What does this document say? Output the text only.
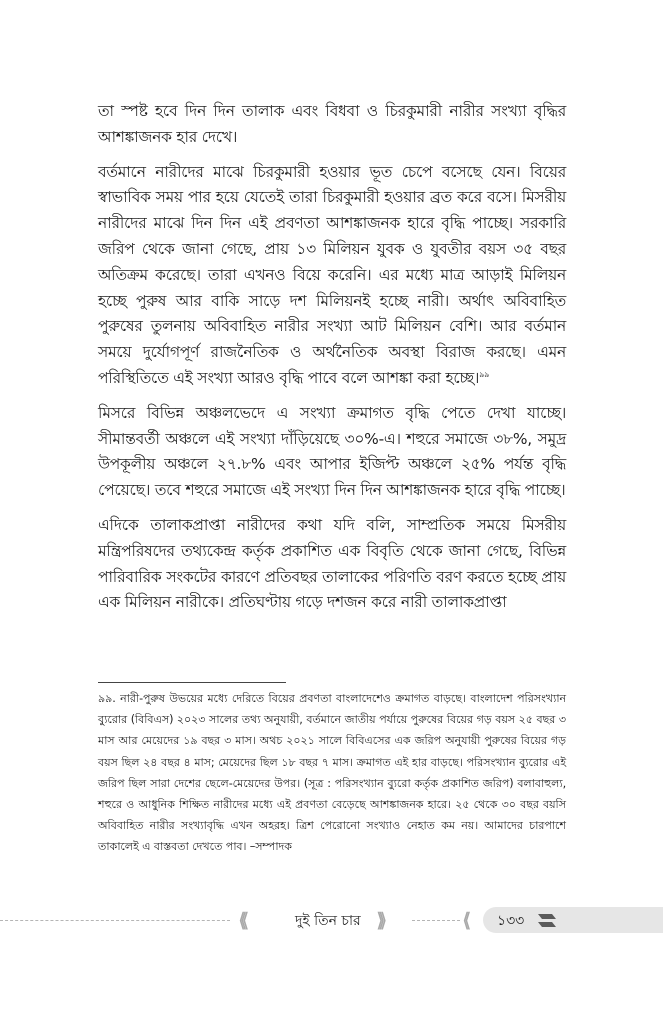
তা স্পষ্ট হবে দিন দিন তালাক এবং বিধবা ও চিরকুমারী নারীর সংখ্যা বৃদ্ধির আশঙ্কাজনক হার দেখে।

বর্তমানে নারীদের মাঝে চিরকুমারী হওয়ার ভূত চেপে বসেছে যেন। বিয়ের স্বাভাবিক সময় পার হয়ে যেতেই তারা চিরকুমারী হওয়ার ব্রত করে বসে। মিসরীয় নারীদের মাঝে দিন দিন এই প্রবণতা আশঙ্কাজনক হারে বৃদ্ধি পাচ্ছে। সরকারি জরিপ থেকে জানা গেছে, প্রায় ১৩ মিলিয়ন যুবক ও যুবতীর বয়স ৩৫ বছর অতিক্রম করেছে। তারা এখনও বিয়ে করেনি। এর মধ্যে মাত্র আড়াই মিলিয়ন হচ্ছে পুরুষ আর বাকি সাড়ে দশ মিলিয়নই হচ্ছে নারী। অর্থাৎ অবিবাহিত পুরুষের তুলনায় অবিবাহিত নারীর সংখ্যা আট মিলিয়ন বেশি। আর বর্তমান সময়ে দুর্যোগপূর্ণ রাজনৈতিক ও অর্থনৈতিক অবস্থা বিরাজ করছে। এমন পরিস্থিতিতে এই সংখ্যা আরও বৃদ্ধি পাবে বলে আশঙ্কা করা হচ্ছে।$^{৯৯}$

মিসরে বিভিন্ন অঞ্চলভেদে এ সংখ্যা ক্রমাগত বৃদ্ধি পেতে দেখা যাচ্ছে। সীমান্তবর্তী অঞ্চলে এই সংখ্যা দাঁড়িয়েছে ৩০%-এ। শহুরে সমাজে ৩৮%, সমুদ্র উপকূলীয় অঞ্চলে ২৭.৮% এবং আপার ইজিপ্ট অঞ্চলে ২৫% পর্যন্ত বৃদ্ধি পেয়েছে। তবে শহুরে সমাজে এই সংখ্যা দিন দিন আশঙ্কাজনক হারে বৃদ্ধি পাচ্ছে।

এদিকে তালাকপ্রাপ্তা নারীদের কথা যদি বলি, সাম্প্রতিক সময়ে মিসরীয় মন্ত্রিপরিষদের তথ্যকেন্দ্র কর্তৃক প্রকাশিত এক বিবৃতি থেকে জানা গেছে, বিভিন্ন পারিবারিক সংকটের কারণে প্রতিবছর তালাকের পরিণতি বরণ করতে হচ্ছে প্রায় এক মিলিয়ন নারীকে। প্রতিঘণ্টায় গড়ে দশজন করে নারী তালাকপ্রাপ্তা

৯৯. নারী-পুরুষ উভয়ের মধ্যে দেরিতে বিয়ের প্রবণতা বাংলাদেশেও ক্রমাগত বাড়ছে। বাংলাদেশ পরিসংখ্যান ব্যুরোর (বিবিএস) ২০২৩ সালের তথ্য অনুযায়ী, বর্তমানে জাতীয় পর্যায়ে পুরুষের বিয়ের গড় বয়স ২৫ বছর ৩ মাস আর মেয়েদের ১৯ বছর ৩ মাস। অথচ ২০২১ সালে বিবিএসের এক জরিপ অনুযায়ী পুরুষের বিয়ের গড় বয়স ছিল ২৪ বছর ৪ মাস; মেয়েদের ছিল ১৮ বছর ৭ মাস। ক্রমাগত এই হার বাড়ছে। পরিসংখ্যান ব্যুরোর এই জরিপ ছিল সারা দেশের ছেলে-মেয়েদের উপর। (সূত্র : পরিসংখ্যান ব্যুরো কর্তৃক প্রকাশিত জরিপ) বলাবাহুল্য, শহুরে ও আধুনিক শিক্ষিত নারীদের মধ্যে এই প্রবণতা বেড়েছে আশঙ্কাজনক হারে। ২৫ থেকে ৩০ বছর বয়সি অবিবাহিত নারীর সংখ্যাবৃদ্ধি এখন অহরহ। ত্রিশ পেরোনো সংখ্যাও নেহাত কম নয়। আমাদের চারপাশে তাকালেই এ বাস্তবতা দেখতে পাব। –সম্পাদক

⟨⟨⟨	দুই তিন চার ⟩⟩⟩	⟨⟨ ১৩৩
